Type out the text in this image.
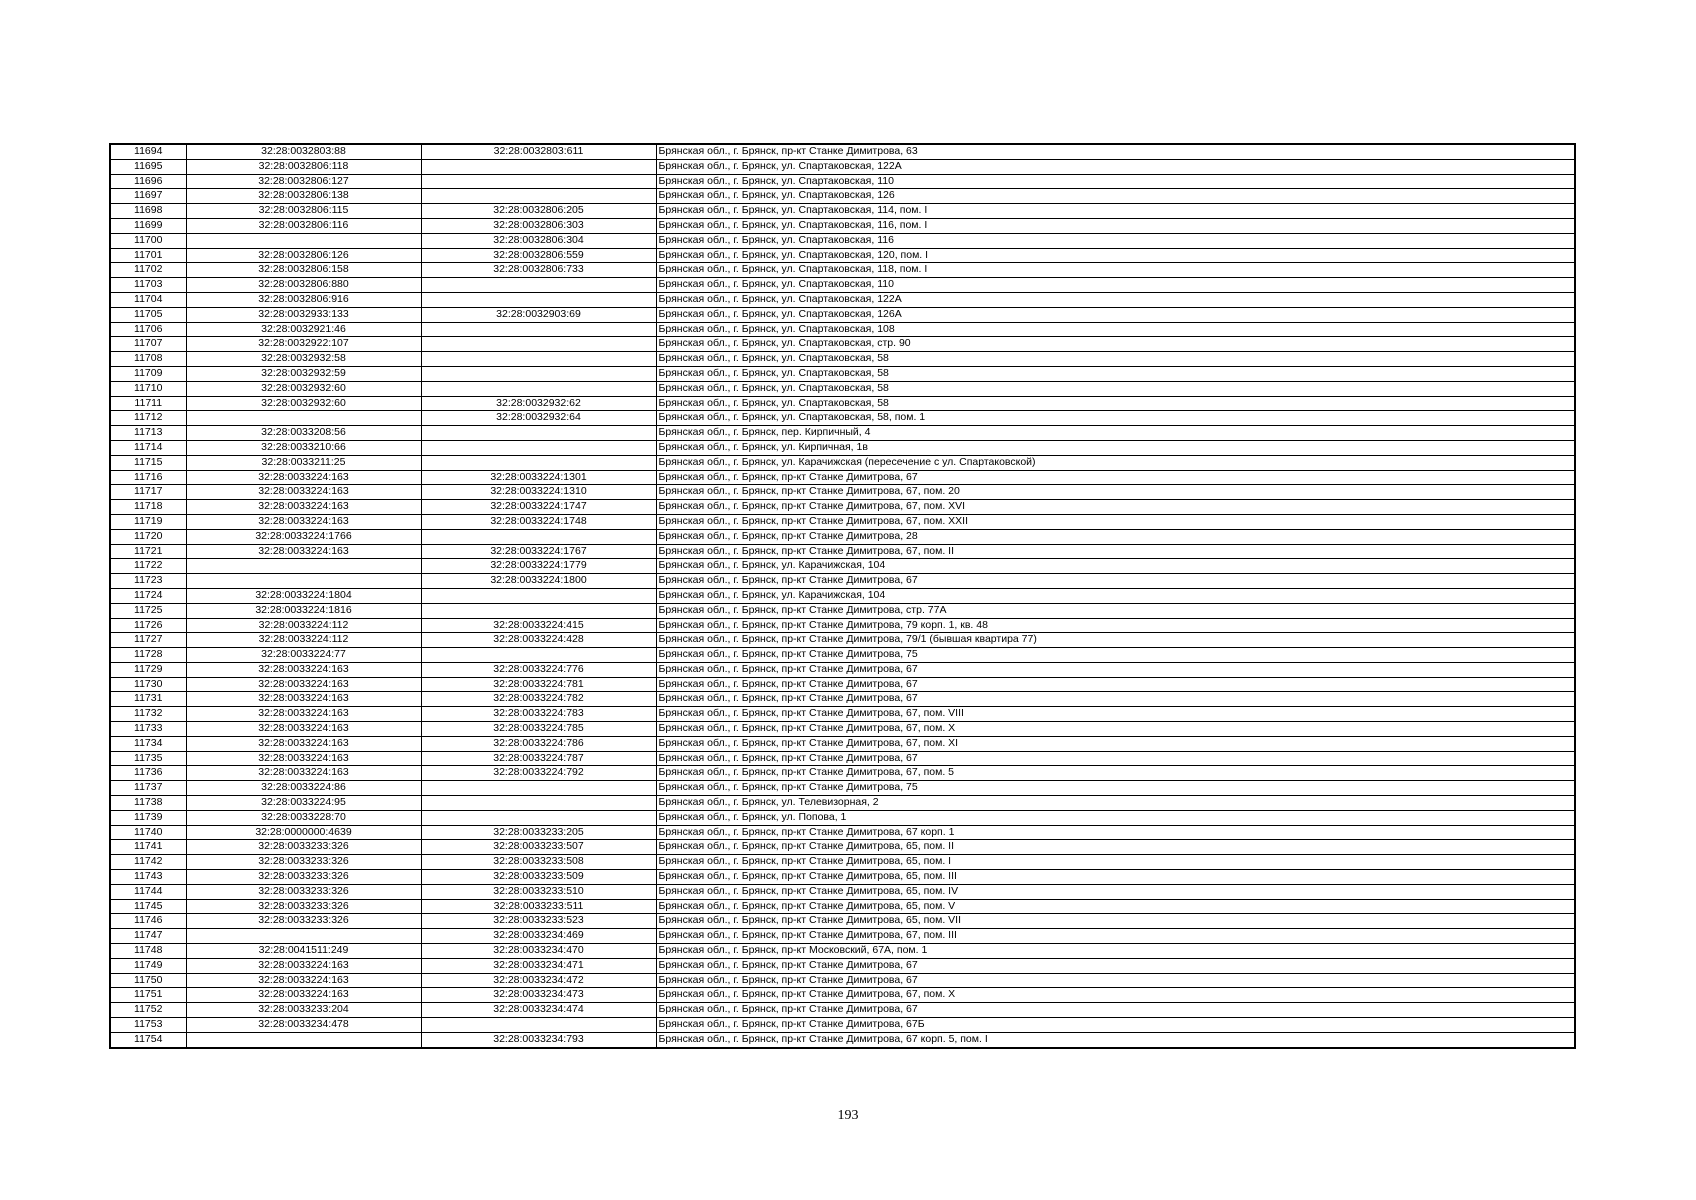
11694	32:28:0032803:88	32:28:0032803:611	Брянская обл., г. Брянск, пр-кт Станке Димитрова, 63
11695	32:28:0032806:118		Брянская обл., г. Брянск, ул. Спартаковская, 122А
11696	32:28:0032806:127		Брянская обл., г. Брянск, ул. Спартаковская, 110
11697	32:28:0032806:138		Брянская обл., г. Брянск, ул. Спартаковская, 126
11698	32:28:0032806:115	32:28:0032806:205	Брянская обл., г. Брянск, ул. Спартаковская, 114, пом. I
11699	32:28:0032806:116	32:28:0032806:303	Брянская обл., г. Брянск, ул. Спартаковская, 116, пом. I
11700		32:28:0032806:304	Брянская обл., г. Брянск, ул. Спартаковская, 116
11701	32:28:0032806:126	32:28:0032806:559	Брянская обл., г. Брянск, ул. Спартаковская, 120, пом. I
11702	32:28:0032806:158	32:28:0032806:733	Брянская обл., г. Брянск, ул. Спартаковская, 118, пом. I
11703	32:28:0032806:880		Брянская обл., г. Брянск, ул. Спартаковская, 110
11704	32:28:0032806:916		Брянская обл., г. Брянск, ул. Спартаковская, 122А
11705	32:28:0032933:133	32:28:0032903:69	Брянская обл., г. Брянск, ул. Спартаковская, 126А
11706	32:28:0032921:46		Брянская обл., г. Брянск, ул. Спартаковская, 108
11707	32:28:0032922:107		Брянская обл., г. Брянск, ул. Спартаковская, стр. 90
11708	32:28:0032932:58		Брянская обл., г. Брянск, ул. Спартаковская, 58
11709	32:28:0032932:59		Брянская обл., г. Брянск, ул. Спартаковская, 58
11710	32:28:0032932:60		Брянская обл., г. Брянск, ул. Спартаковская, 58
11711	32:28:0032932:60	32:28:0032932:62	Брянская обл., г. Брянск, ул. Спартаковская, 58
11712		32:28:0032932:64	Брянская обл., г. Брянск, ул. Спартаковская, 58, пом. 1
11713	32:28:0033208:56		Брянская обл., г. Брянск, пер. Кирпичный, 4
11714	32:28:0033210:66		Брянская обл., г. Брянск, ул. Кирпичная, 1в
11715	32:28:0033211:25		Брянская обл., г. Брянск, ул. Карачижская (пересечение с ул. Спартаковской)
11716	32:28:0033224:163	32:28:0033224:1301	Брянская обл., г. Брянск, пр-кт Станке Димитрова, 67
11717	32:28:0033224:163	32:28:0033224:1310	Брянская обл., г. Брянск, пр-кт Станке Димитрова, 67, пом. 20
11718	32:28:0033224:163	32:28:0033224:1747	Брянская обл., г. Брянск, пр-кт Станке Димитрова, 67, пом. XVI
11719	32:28:0033224:163	32:28:0033224:1748	Брянская обл., г. Брянск, пр-кт Станке Димитрова, 67, пом. XXII
11720	32:28:0033224:1766		Брянская обл., г. Брянск, пр-кт Станке Димитрова, 28
11721	32:28:0033224:163	32:28:0033224:1767	Брянская обл., г. Брянск, пр-кт Станке Димитрова, 67, пом. II
11722		32:28:0033224:1779	Брянская обл., г. Брянск, ул. Карачижская, 104
11723		32:28:0033224:1800	Брянская обл., г. Брянск, пр-кт Станке Димитрова, 67
11724	32:28:0033224:1804		Брянская обл., г. Брянск, ул. Карачижская, 104
11725	32:28:0033224:1816		Брянская обл., г. Брянск, пр-кт Станке Димитрова, стр. 77А
11726	32:28:0033224:112	32:28:0033224:415	Брянская обл., г. Брянск, пр-кт Станке Димитрова, 79 корп. 1, кв. 48
11727	32:28:0033224:112	32:28:0033224:428	Брянская обл., г. Брянск, пр-кт Станке Димитрова, 79/1 (бывшая квартира 77)
11728	32:28:0033224:77		Брянская обл., г. Брянск, пр-кт Станке Димитрова, 75
11729	32:28:0033224:163	32:28:0033224:776	Брянская обл., г. Брянск, пр-кт Станке Димитрова, 67
11730	32:28:0033224:163	32:28:0033224:781	Брянская обл., г. Брянск, пр-кт Станке Димитрова, 67
11731	32:28:0033224:163	32:28:0033224:782	Брянская обл., г. Брянск, пр-кт Станке Димитрова, 67
11732	32:28:0033224:163	32:28:0033224:783	Брянская обл., г. Брянск, пр-кт Станке Димитрова, 67, пом. VIII
11733	32:28:0033224:163	32:28:0033224:785	Брянская обл., г. Брянск, пр-кт Станке Димитрова, 67, пом. X
11734	32:28:0033224:163	32:28:0033224:786	Брянская обл., г. Брянск, пр-кт Станке Димитрова, 67, пом. XI
11735	32:28:0033224:163	32:28:0033224:787	Брянская обл., г. Брянск, пр-кт Станке Димитрова, 67
11736	32:28:0033224:163	32:28:0033224:792	Брянская обл., г. Брянск, пр-кт Станке Димитрова, 67, пом. 5
11737	32:28:0033224:86		Брянская обл., г. Брянск, пр-кт Станке Димитрова, 75
11738	32:28:0033224:95		Брянская обл., г. Брянск, ул. Телевизорная, 2
11739	32:28:0033228:70		Брянская обл., г. Брянск, ул. Попова, 1
11740	32:28:0000000:4639	32:28:0033233:205	Брянская обл., г. Брянск, пр-кт Станке Димитрова, 67 корп. 1
11741	32:28:0033233:326	32:28:0033233:507	Брянская обл., г. Брянск, пр-кт Станке Димитрова, 65, пом. II
11742	32:28:0033233:326	32:28:0033233:508	Брянская обл., г. Брянск, пр-кт Станке Димитрова, 65, пом. I
11743	32:28:0033233:326	32:28:0033233:509	Брянская обл., г. Брянск, пр-кт Станке Димитрова, 65, пом. III
11744	32:28:0033233:326	32:28:0033233:510	Брянская обл., г. Брянск, пр-кт Станке Димитрова, 65, пом. IV
11745	32:28:0033233:326	32:28:0033233:511	Брянская обл., г. Брянск, пр-кт Станке Димитрова, 65, пом. V
11746	32:28:0033233:326	32:28:0033233:523	Брянская обл., г. Брянск, пр-кт Станке Димитрова, 65, пом. VII
11747		32:28:0033234:469	Брянская обл., г. Брянск, пр-кт Станке Димитрова, 67, пом. III
11748	32:28:0041511:249	32:28:0033234:470	Брянская обл., г. Брянск, пр-кт Московский, 67А, пом. 1
11749	32:28:0033224:163	32:28:0033234:471	Брянская обл., г. Брянск, пр-кт Станке Димитрова, 67
11750	32:28:0033224:163	32:28:0033234:472	Брянская обл., г. Брянск, пр-кт Станке Димитрова, 67
11751	32:28:0033224:163	32:28:0033234:473	Брянская обл., г. Брянск, пр-кт Станке Димитрова, 67, пом. X
11752	32:28:0033233:204	32:28:0033234:474	Брянская обл., г. Брянск, пр-кт Станке Димитрова, 67
11753	32:28:0033234:478		Брянская обл., г. Брянск, пр-кт Станке Димитрова, 67Б
11754		32:28:0033234:793	Брянская обл., г. Брянск, пр-кт Станке Димитрова, 67 корп. 5, пом. I
193
